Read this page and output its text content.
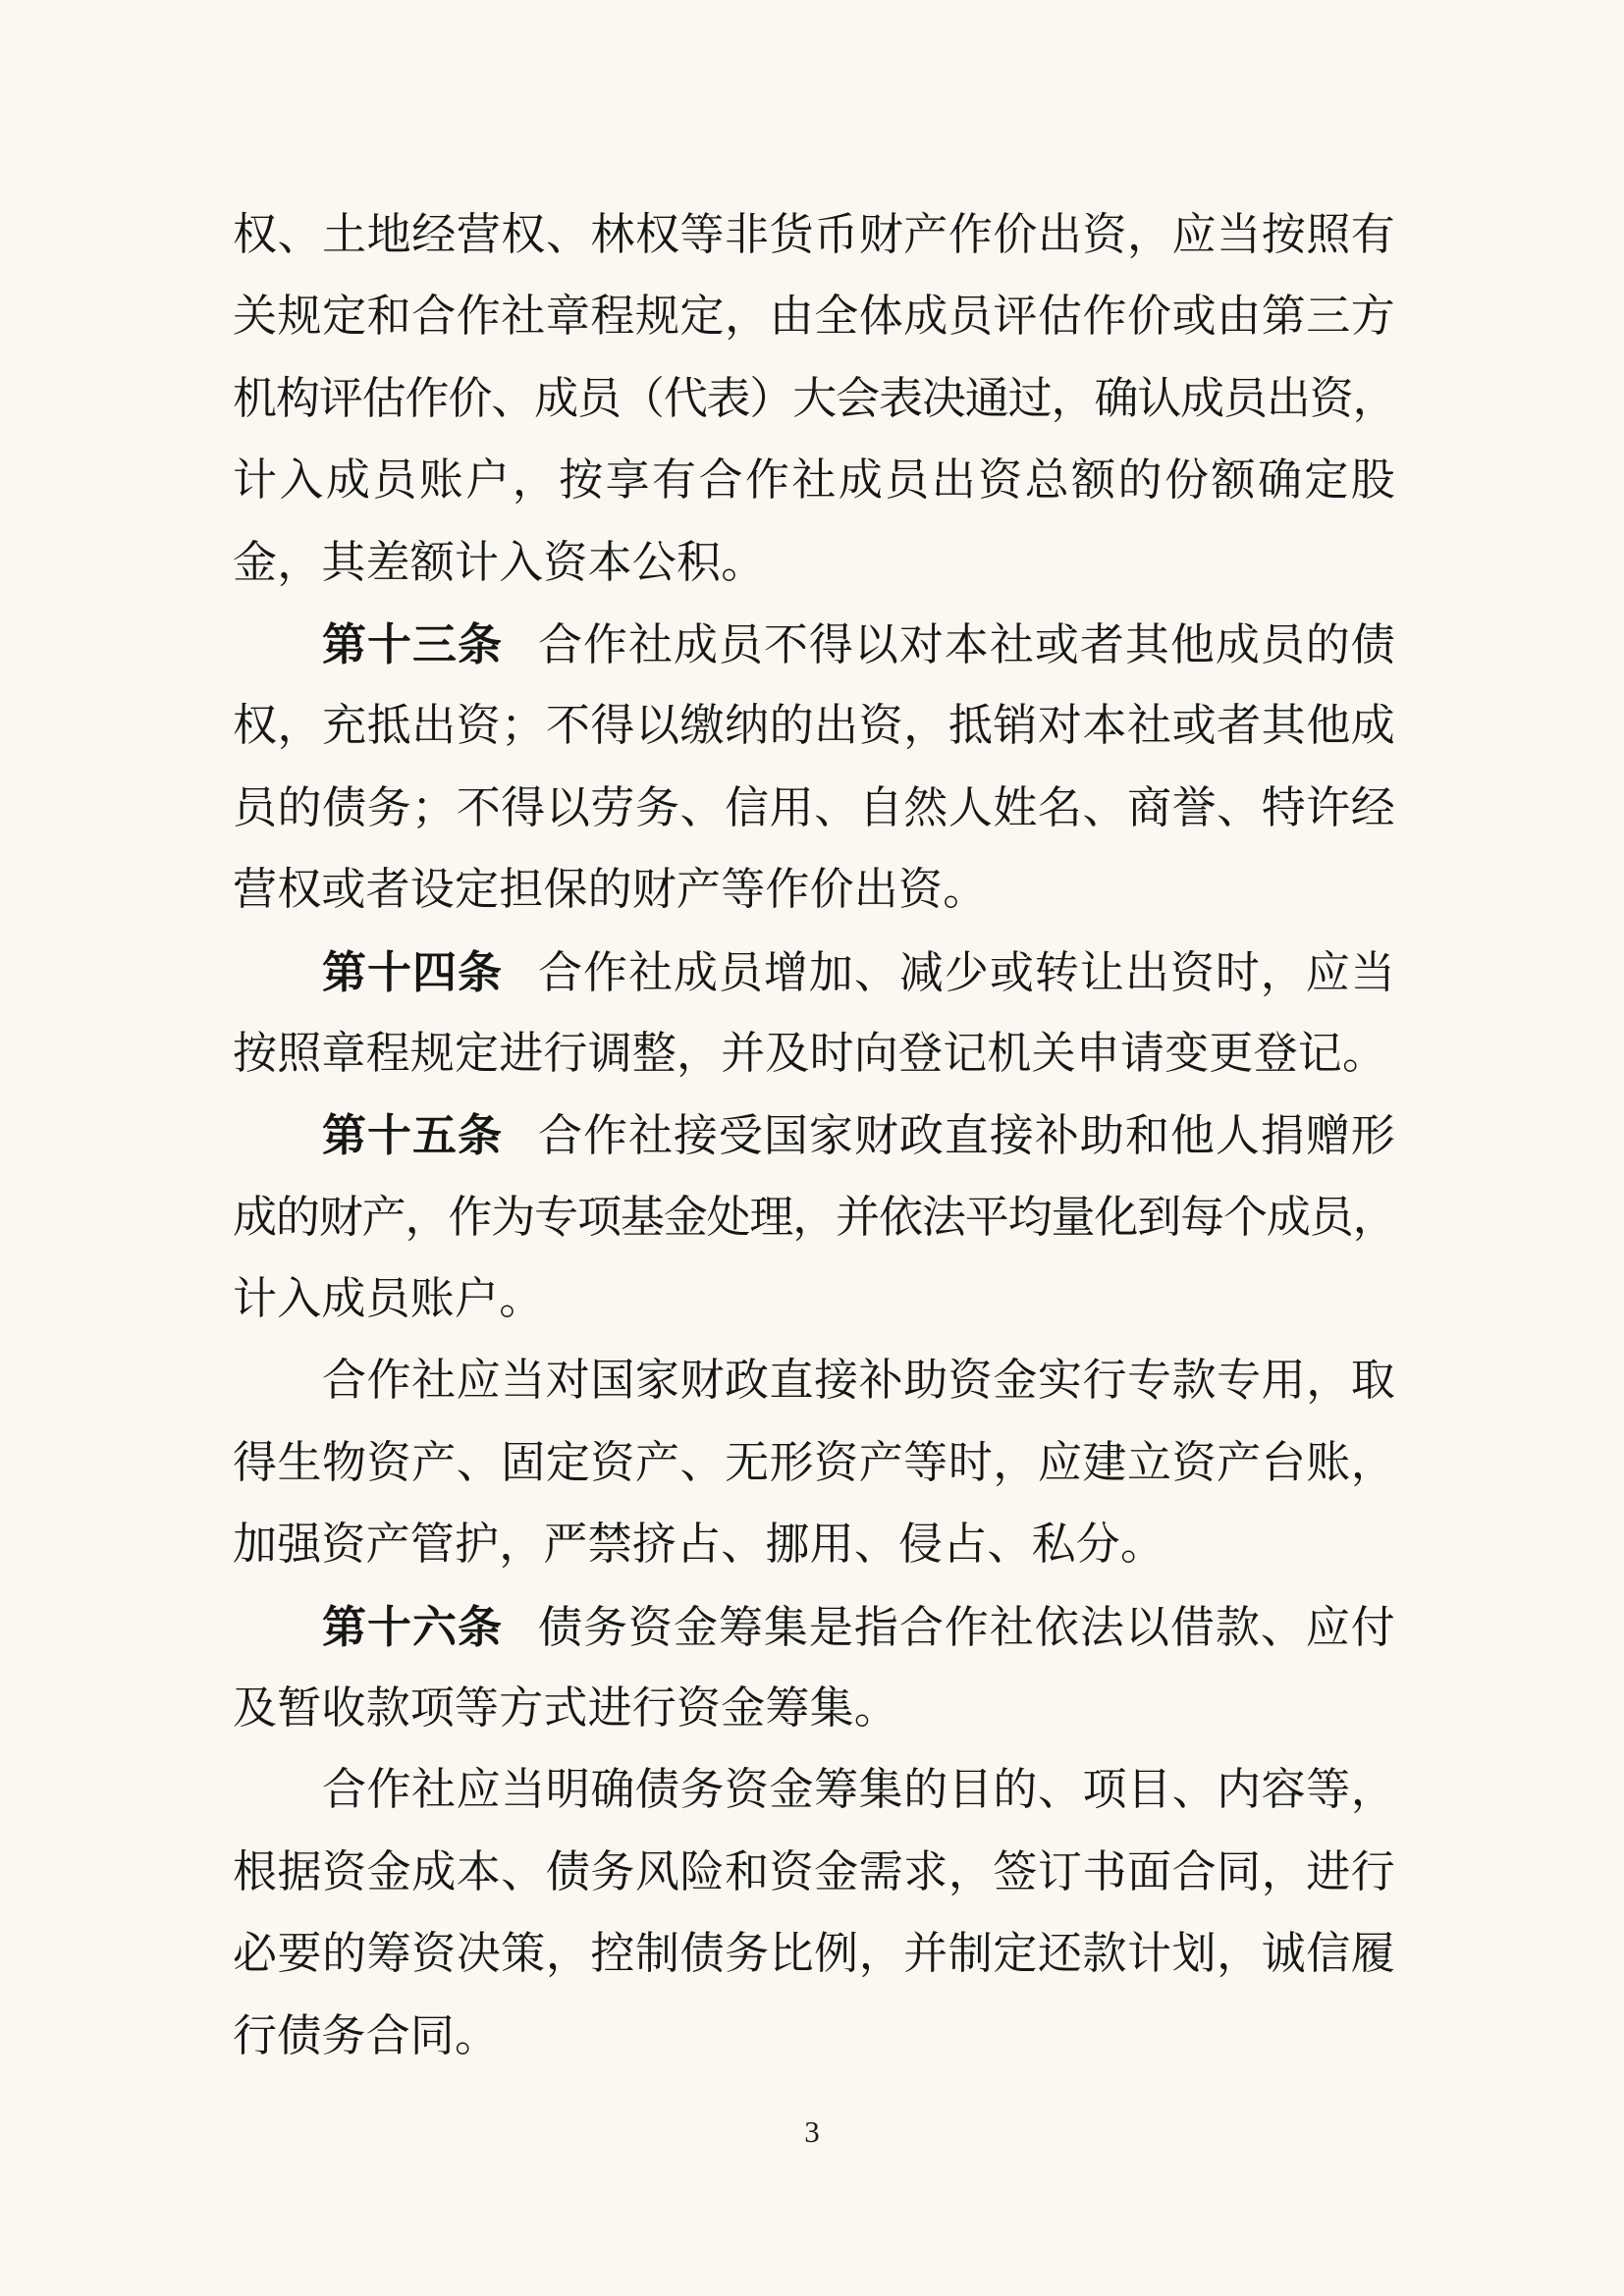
权、土地经营权、林权等非货币财产作价出资，应当按照有
关规定和合作社章程规定，由全体成员评估作价或由第三方
机构评估作价、成员（代表）大会表决通过，确认成员出资，
计入成员账户，按享有合作社成员出资总额的份额确定股
金，其差额计入资本公积。
第十三条 合作社成员不得以对本社或者其他成员的债
权，充抵出资；不得以缴纳的出资，抵销对本社或者其他成
员的债务；不得以劳务、信用、自然人姓名、商誉、特许经
营权或者设定担保的财产等作价出资。
第十四条 合作社成员增加、减少或转让出资时，应当
按照章程规定进行调整，并及时向登记机关申请变更登记。
第十五条 合作社接受国家财政直接补助和他人捐赠形
成的财产，作为专项基金处理，并依法平均量化到每个成员，
计入成员账户。
合作社应当对国家财政直接补助资金实行专款专用，取
得生物资产、固定资产、无形资产等时，应建立资产台账，
加强资产管护，严禁挤占、挪用、侵占、私分。
第十六条 债务资金筹集是指合作社依法以借款、应付
及暂收款项等方式进行资金筹集。
合作社应当明确债务资金筹集的目的、项目、内容等，
根据资金成本、债务风险和资金需求，签订书面合同，进行
必要的筹资决策，控制债务比例，并制定还款计划，诚信履
行债务合同。
3
